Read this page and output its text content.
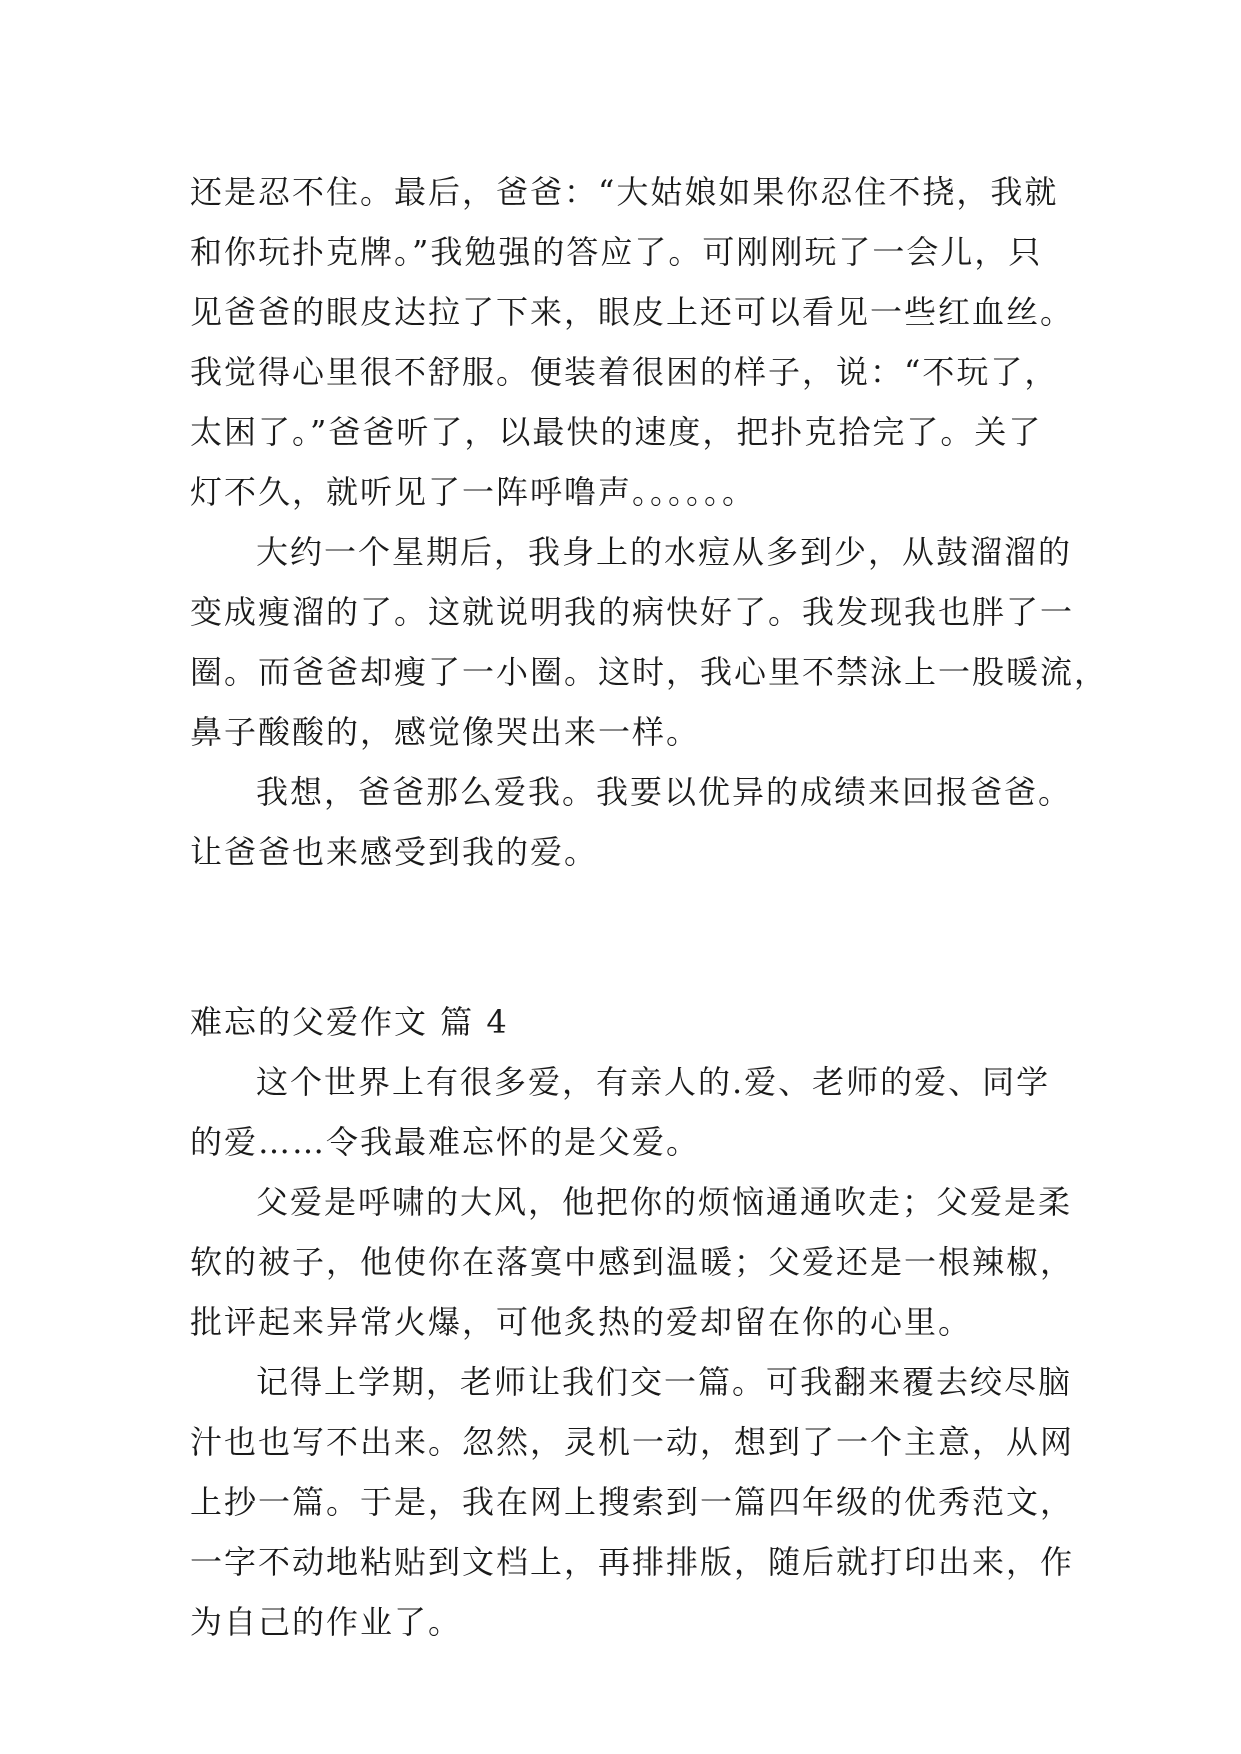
还是忍不住。最后，爸爸：“大姑娘如果你忍住不挠，我就
和你玩扑克牌。”我勉强的答应了。可刚刚玩了一会儿，只
见爸爸的眼皮达拉了下来，眼皮上还可以看见一些红血丝。
我觉得心里很不舒服。便装着很困的样子，说：“不玩了，
太困了。”爸爸听了，以最快的速度，把扑克拾完了。关了
灯不久，就听见了一阵呼噜声。。。。。。
大约一个星期后，我身上的水痘从多到少，从鼓溜溜的
变成瘦溜的了。这就说明我的病快好了。我发现我也胖了一
圈。而爸爸却瘦了一小圈。这时，我心里不禁泳上一股暖流，
鼻子酸酸的，感觉像哭出来一样。
我想，爸爸那么爱我。我要以优异的成绩来回报爸爸。
让爸爸也来感受到我的爱。
难忘的父爱作文 篇 4
这个世界上有很多爱，有亲人的.爱、老师的爱、同学
的爱……令我最难忘怀的是父爱。
父爱是呼啸的大风，他把你的烦恼通通吹走；父爱是柔
软的被子，他使你在落寞中感到温暖；父爱还是一根辣椒，
批评起来异常火爆，可他炙热的爱却留在你的心里。
记得上学期，老师让我们交一篇。可我翻来覆去绞尽脑
汁也也写不出来。忽然，灵机一动，想到了一个主意，从网
上抄一篇。于是，我在网上搜索到一篇四年级的优秀范文，
一字不动地粘贴到文档上，再排排版，随后就打印出来，作
为自己的作业了。
